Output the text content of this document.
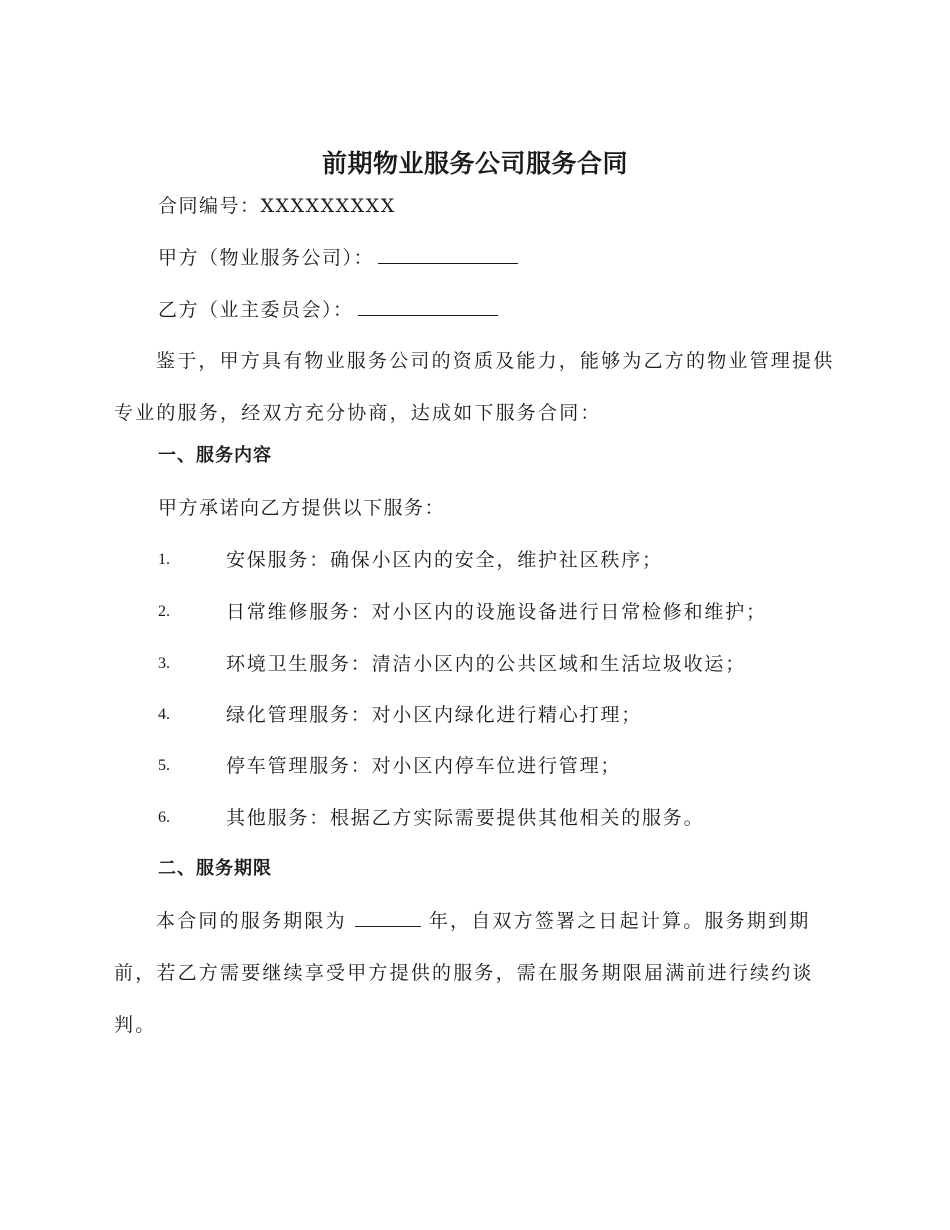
前期物业服务公司服务合同
合同编号：XXXXXXXXX
甲方（物业服务公司）：
乙方（业主委员会）：
鉴于，甲方具有物业服务公司的资质及能力，能够为乙方的物业管理提供专业的服务，经双方充分协商，达成如下服务合同：
一、服务内容
甲方承诺向乙方提供以下服务：
1.	安保服务：确保小区内的安全，维护社区秩序；
2.	日常维修服务：对小区内的设施设备进行日常检修和维护；
3.	环境卫生服务：清洁小区内的公共区域和生活垃圾收运；
4.	绿化管理服务：对小区内绿化进行精心打理；
5.	停车管理服务：对小区内停车位进行管理；
6.	其他服务：根据乙方实际需要提供其他相关的服务。
二、服务期限
本合同的服务期限为	年，自双方签署之日起计算。服务期到期前，若乙方需要继续享受甲方提供的服务，需在服务期限届满前进行续约谈判。
